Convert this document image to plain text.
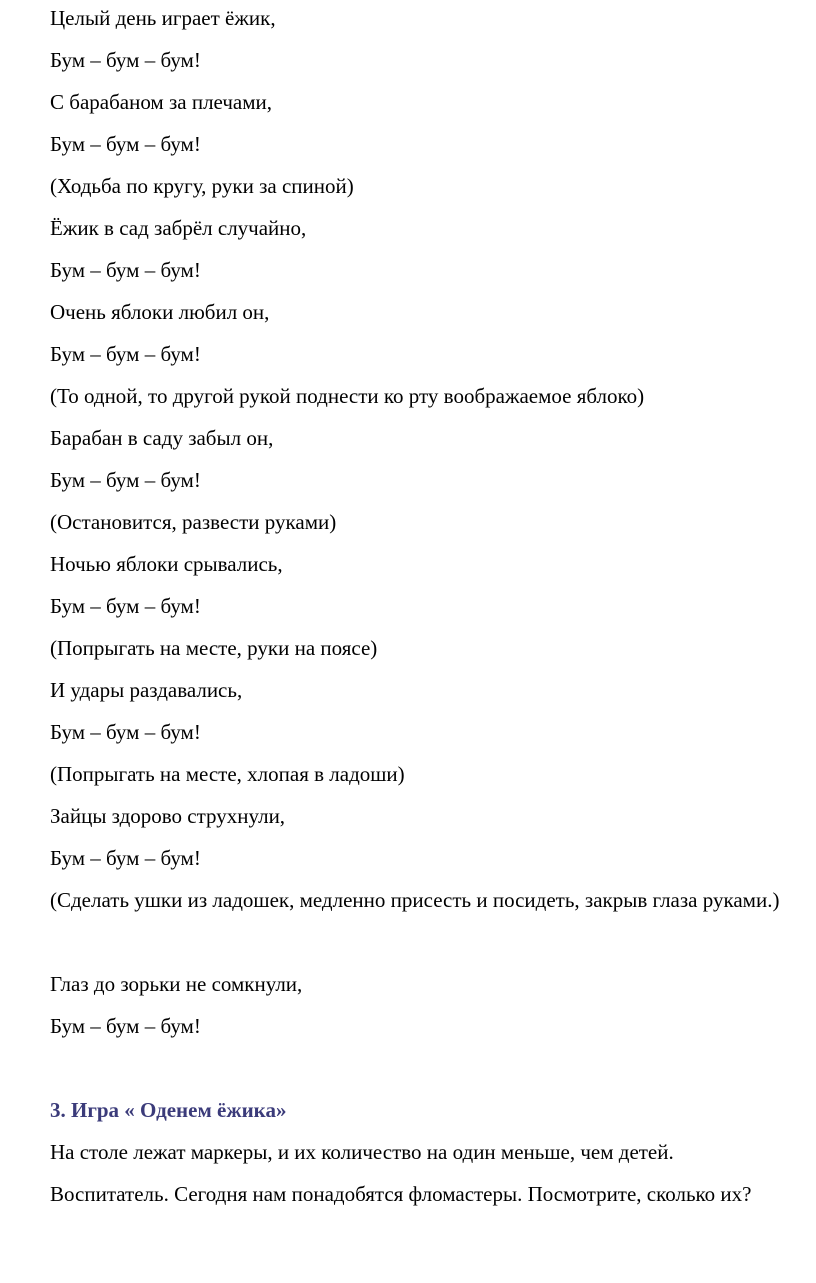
Целый день играет ёжик,
Бум – бум – бум!
С барабаном за плечами,
Бум – бум – бум!
(Ходьба по кругу, руки за спиной)
Ёжик в сад забрёл случайно,
Бум – бум – бум!
Очень яблоки любил он,
Бум – бум – бум!
(То одной, то другой рукой поднести ко рту воображаемое яблоко)
Барабан в саду забыл он,
Бум – бум – бум!
(Остановится, развести руками)
Ночью яблоки срывались,
Бум – бум – бум!
(Попрыгать на месте, руки на поясе)
И удары раздавались,
Бум – бум – бум!
(Попрыгать на месте, хлопая в ладоши)
Зайцы здорово струхнули,
Бум – бум – бум!
(Сделать ушки из ладошек, медленно присесть и посидеть, закрыв глаза руками.)
Глаз до зорьки не сомкнули,
Бум – бум – бум!
3. Игра « Оденем ёжика»
На столе лежат маркеры, и их количество на один меньше, чем детей.
Воспитатель. Сегодня нам понадобятся фломастеры. Посмотрите, сколько их?
